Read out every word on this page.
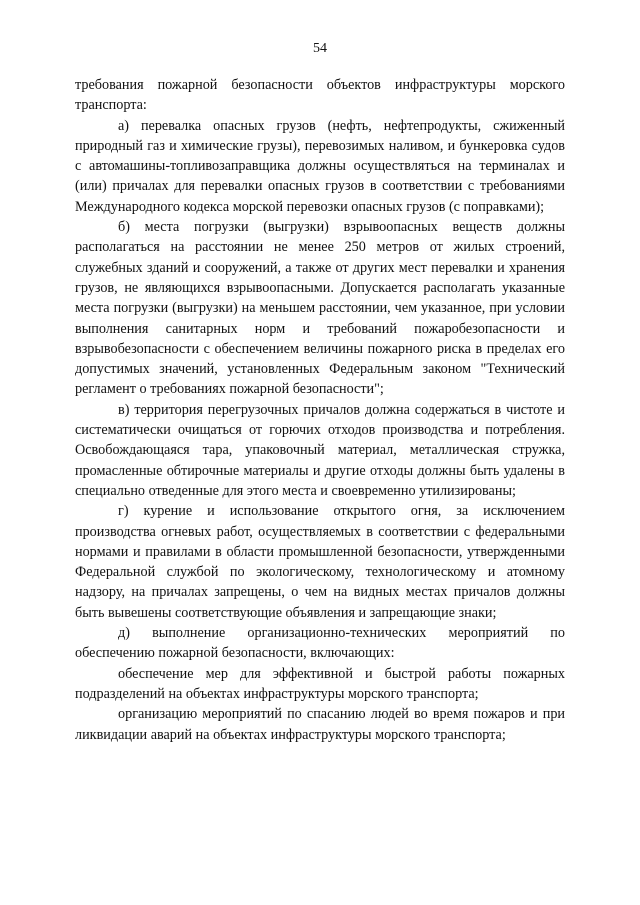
54

требования пожарной безопасности объектов инфраструктуры морского транспорта:

а) перевалка опасных грузов (нефть, нефтепродукты, сжиженный природный газ и химические грузы), перевозимых наливом, и бункеровка судов с автомашины-топливозаправщика должны осуществляться на терминалах и (или) причалах для перевалки опасных грузов в соответствии с требованиями Международного кодекса морской перевозки опасных грузов (с поправками);

б) места погрузки (выгрузки) взрывоопасных веществ должны располагаться на расстоянии не менее 250 метров от жилых строений, служебных зданий и сооружений, а также от других мест перевалки и хранения грузов, не являющихся взрывоопасными. Допускается располагать указанные места погрузки (выгрузки) на меньшем расстоянии, чем указанное, при условии выполнения санитарных норм и требований пожаробезопасности и взрывобезопасности с обеспечением величины пожарного риска в пределах его допустимых значений, установленных Федеральным законом "Технический регламент о требованиях пожарной безопасности";

в) территория перегрузочных причалов должна содержаться в чистоте и систематически очищаться от горючих отходов производства и потребления. Освобождающаяся тара, упаковочный материал, металлическая стружка, промасленные обтирочные материалы и другие отходы должны быть удалены в специально отведенные для этого места и своевременно утилизированы;

г) курение и использование открытого огня, за исключением производства огневых работ, осуществляемых в соответствии с федеральными нормами и правилами в области промышленной безопасности, утвержденными Федеральной службой по экологическому, технологическому и атомному надзору, на причалах запрещены, о чем на видных местах причалов должны быть вывешены соответствующие объявления и запрещающие знаки;

д) выполнение организационно-технических мероприятий по обеспечению пожарной безопасности, включающих:

обеспечение мер для эффективной и быстрой работы пожарных подразделений на объектах инфраструктуры морского транспорта;

организацию мероприятий по спасанию людей во время пожаров и при ликвидации аварий на объектах инфраструктуры морского транспорта;
